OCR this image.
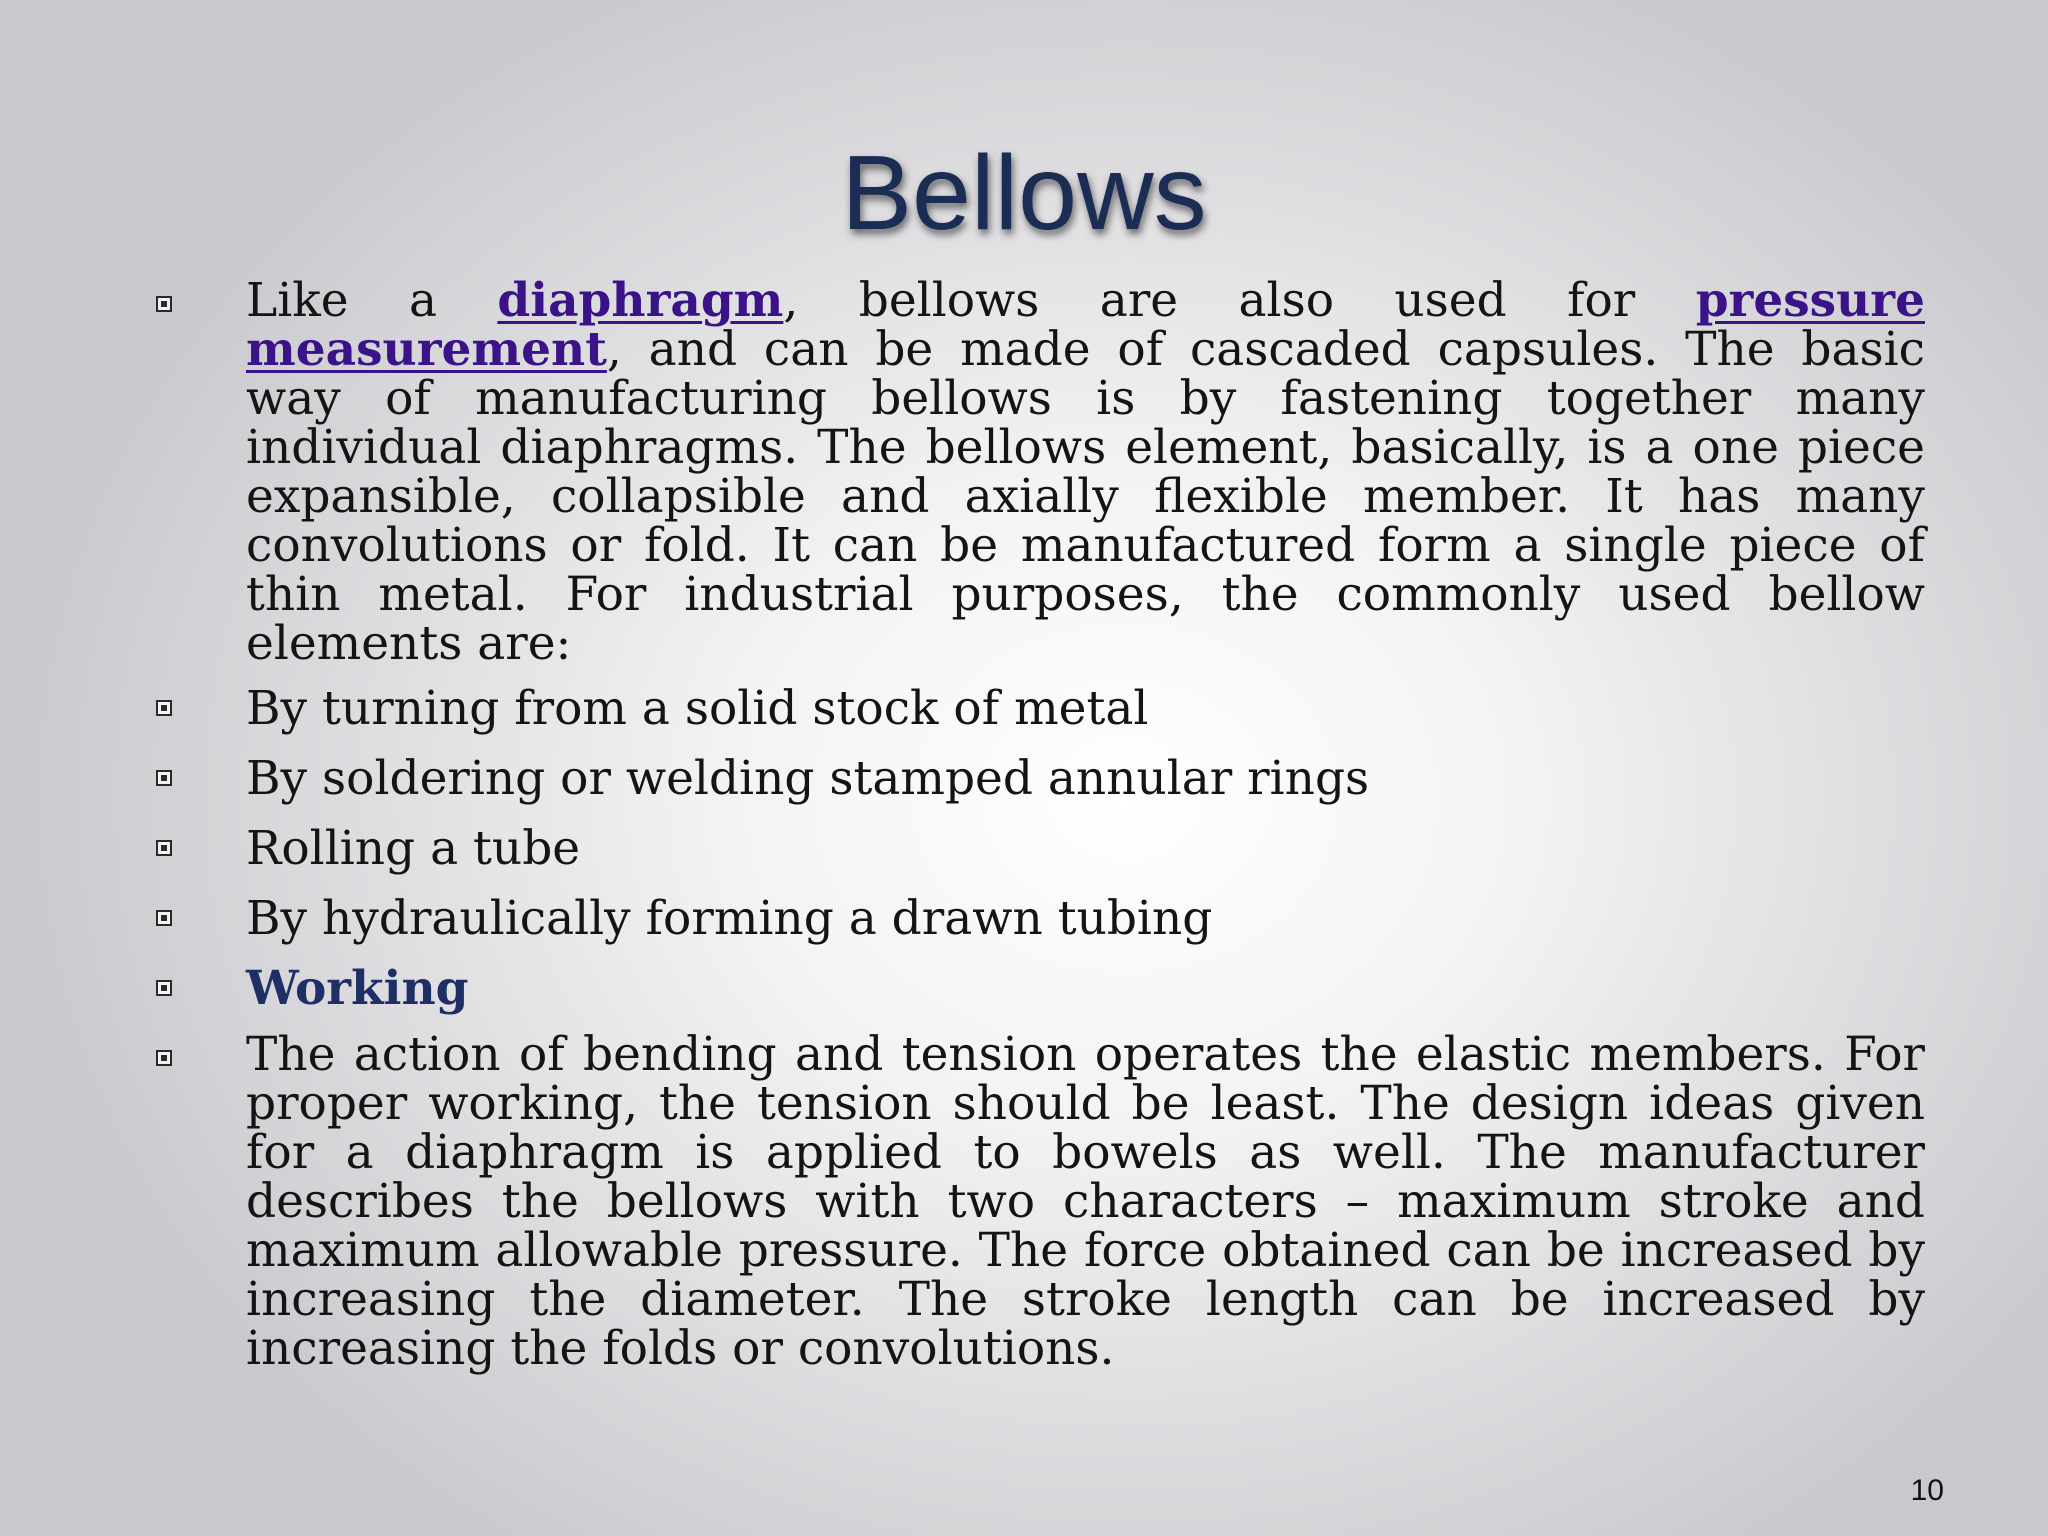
Bellows
Like a diaphragm, bellows are also used for pressure measurement, and can be made of cascaded capsules. The basic way of manufacturing bellows is by fastening together many individual diaphragms. The bellows element, basically, is a one piece expansible, collapsible and axially flexible member. It has many convolutions or fold. It can be manufactured form a single piece of thin metal. For industrial purposes, the commonly used bellow elements are:
By turning from a solid stock of metal
By soldering or welding stamped annular rings
Rolling a tube
By hydraulically forming a drawn tubing
Working
The action of bending and tension operates the elastic members. For proper working, the tension should be least. The design ideas given for a diaphragm is applied to bowels as well. The manufacturer describes the bellows with two characters – maximum stroke and maximum allowable pressure. The force obtained can be increased by increasing the diameter. The stroke length can be increased by increasing the folds or convolutions.
10
